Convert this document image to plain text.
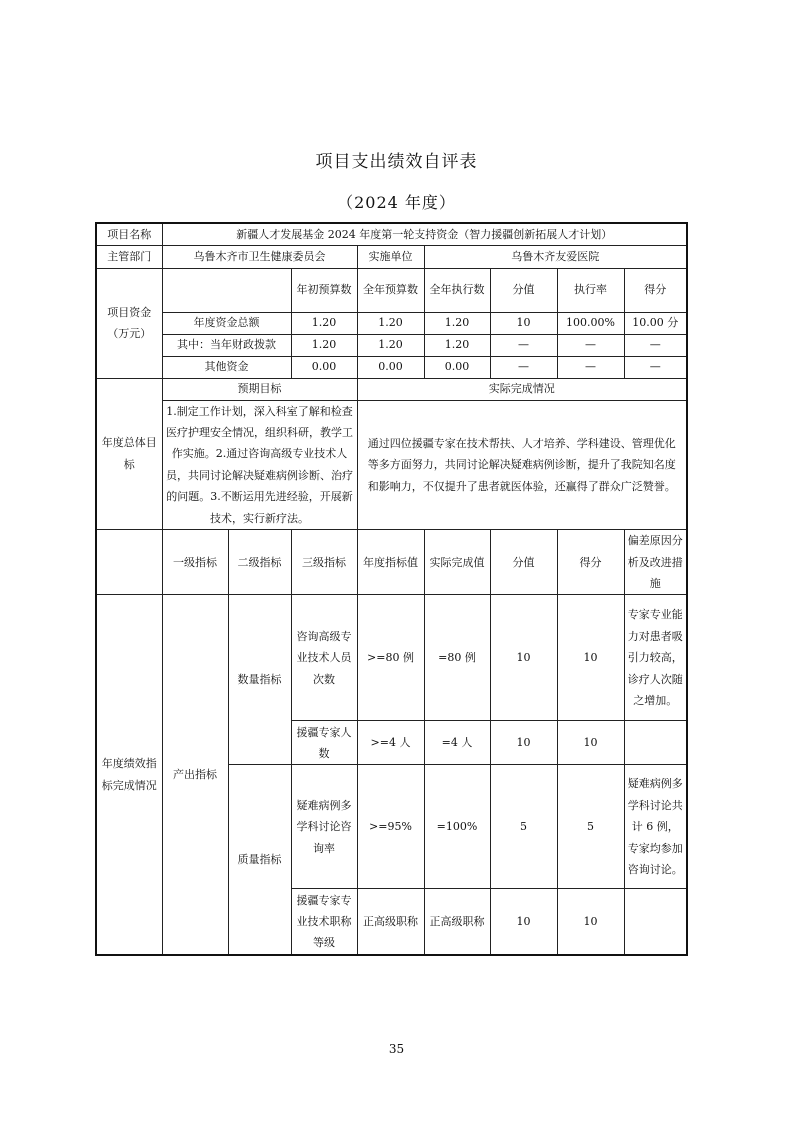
项目支出绩效自评表
（2024 年度）
项目名称	新疆人才发展基金 2024 年度第一轮支持资金（智力援疆创新拓展人才计划）							
主管部门	乌鲁木齐市卫生健康委员会			实施单位	乌鲁木齐友爱医院			
项目资金（万元）			年初预算数	全年预算数	全年执行数	分值	执行率	得分
	年度资金总额		1.20	1.20	1.20	10	100.00%	10.00 分
	其中：当年财政拨款		1.20	1.20	1.20	—	—	—
	其他资金		0.00	0.00	0.00	—	—	—
年度总体目标	预期目标			实际完成情况				
	1.制定工作计划，深入科室了解和检查医疗护理安全情况，组织科研，教学工作实施。2.通过咨询高级专业技术人员，共同讨论解决疑难病例诊断、治疗的问题。3.不断运用先进经验，开展新技术，实行新疗法。			通过四位援疆专家在技术帮扶、人才培养、学科建设、管理优化等多方面努力，共同讨论解决疑难病例诊断，提升了我院知名度和影响力，不仅提升了患者就医体验，还赢得了群众广泛赞誉。				
	一级指标	二级指标	三级指标	年度指标值	实际完成值	分值	得分	偏差原因分析及改进措施
年度绩效指标完成情况	产出指标	数量指标	咨询高级专业技术人员次数	>=80 例	=80 例	10	10	专家专业能力对患者吸引力较高，诊疗人次随之增加。
			援疆专家人数	>=4 人	=4 人	10	10	
		质量指标	疑难病例多学科讨论咨询率	>=95%	=100%	5	5	疑难病例多学科讨论共计 6 例，专家均参加咨询讨论。
			援疆专家专业技术职称等级	正高级职称	正高级职称	10	10	
35
